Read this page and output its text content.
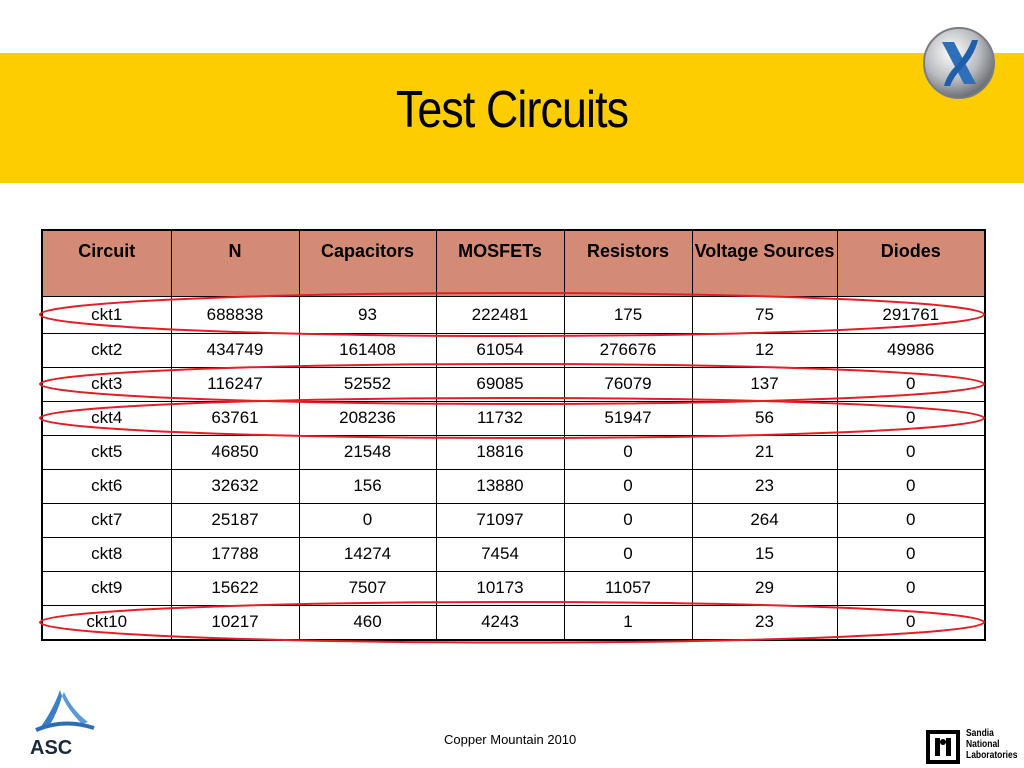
Test Circuits
Circuit	N	Capacitors	MOSFETs	Resistors	Voltage Sources	Diodes
ckt1	688838	93	222481	175	75	291761
ckt2	434749	161408	61054	276676	12	49986
ckt3	116247	52552	69085	76079	137	0
ckt4	63761	208236	11732	51947	56	0
ckt5	46850	21548	18816	0	21	0
ckt6	32632	156	13880	0	23	0
ckt7	25187	0	71097	0	264	0
ckt8	17788	14274	7454	0	15	0
ckt9	15622	7507	10173	11057	29	0
ckt10	10217	460	4243	1	23	0
Copper Mountain 2010
ASC
Sandia
National
Laboratories
